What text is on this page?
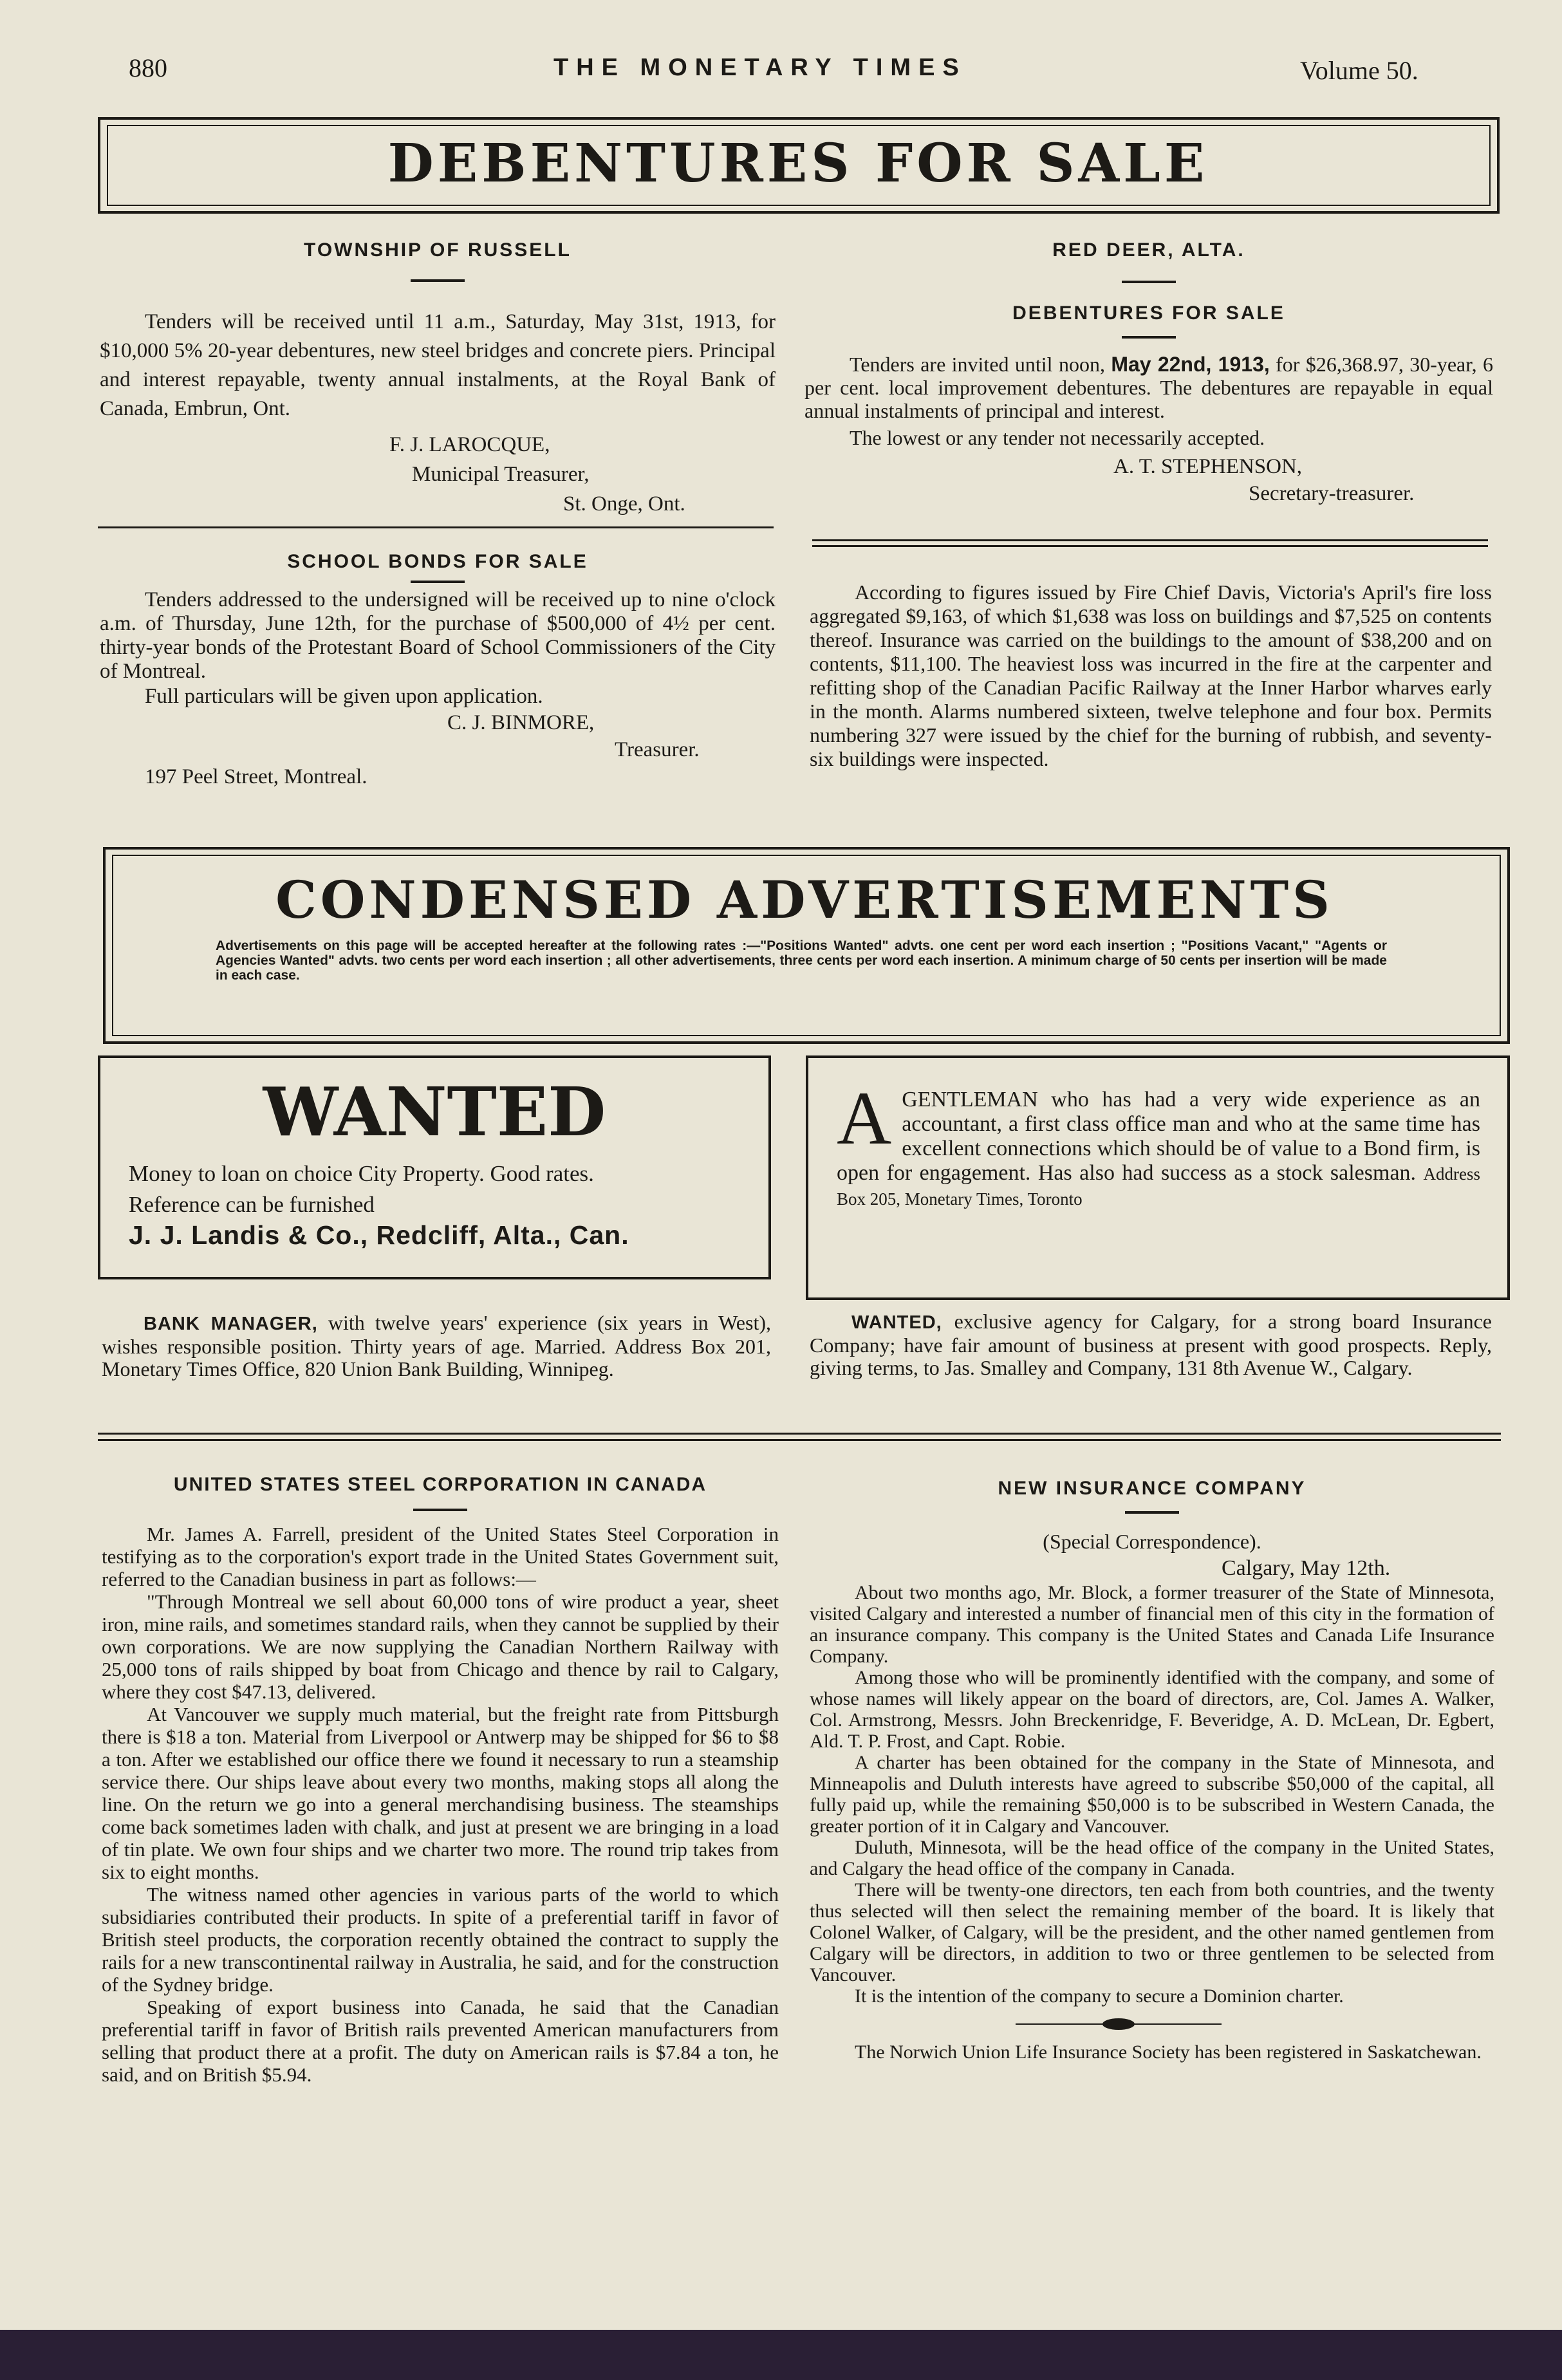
880	THE MONETARY TIMES	Volume 50.
DEBENTURES FOR SALE
TOWNSHIP OF RUSSELL

Tenders will be received until 11 a.m., Saturday, May 31st, 1913, for $10,000 5% 20-year debentures, new steel bridges and concrete piers. Principal and interest repayable, twenty annual instalments, at the Royal Bank of Canada, Embrun, Ont.

F. J. LAROCQUE,
Municipal Treasurer,
St. Onge, Ont.
SCHOOL BONDS FOR SALE

Tenders addressed to the undersigned will be received up to nine o'clock a.m. of Thursday, June 12th, for the purchase of $500,000 of 4½ per cent. thirty-year bonds of the Protestant Board of School Commissioners of the City of Montreal.

Full particulars will be given upon application.

C. J. BINMORE,
Treasurer.
197 Peel Street, Montreal.
RED DEER, ALTA.
DEBENTURES FOR SALE

Tenders are invited until noon, May 22nd, 1913, for $26,368.97, 30-year, 6 per cent. local improvement debentures. The debentures are repayable in equal annual instalments of principal and interest.

The lowest or any tender not necessarily accepted.

A. T. STEPHENSON,
Secretary-treasurer.

According to figures issued by Fire Chief Davis, Victoria's April's fire loss aggregated $9,163, of which $1,638 was loss on buildings and $7,525 on contents thereof. Insurance was carried on the buildings to the amount of $38,200 and on contents, $11,100. The heaviest loss was incurred in the fire at the carpenter and refitting shop of the Canadian Pacific Railway at the Inner Harbor wharves early in the month. Alarms numbered sixteen, twelve telephone and four box. Permits numbering 327 were issued by the chief for the burning of rubbish, and seventy-six buildings were inspected.

CONDENSED ADVERTISEMENTS
Advertisements on this page will be accepted hereafter at the following rates :—"Positions Wanted" advts. one cent per word each insertion ; "Positions Vacant," "Agents or Agencies Wanted" advts. two cents per word each insertion ; all other advertisements, three cents per word each insertion. A minimum charge of 50 cents per insertion will be made in each case.
WANTED
Money to loan on choice City Property. Good rates.
Reference can be furnished
J. J. Landis & Co., Redcliff, Alta., Can.
A GENTLEMAN who has had a very wide experience as an accountant, a first class office man and who at the same time has excellent connections which should be of value to a Bond firm, is open for engagement. Has also had success as a stock salesman. Address Box 205, Monetary Times, Toronto

BANK MANAGER, with twelve years' experience (six years in West), wishes responsible position. Thirty years of age. Married. Address Box 201, Monetary Times Office, 820 Union Bank Building, Winnipeg.

WANTED, exclusive agency for Calgary, for a strong board Insurance Company; have fair amount of business at present with good prospects. Reply, giving terms, to Jas. Smalley and Company, 131 8th Avenue W., Calgary.

UNITED STATES STEEL CORPORATION IN CANADA

Mr. James A. Farrell, president of the United States Steel Corporation in testifying as to the corporation's export trade in the United States Government suit, referred to the Canadian business in part as follows:—

"Through Montreal we sell about 60,000 tons of wire product a year, sheet iron, mine rails, and sometimes standard rails, when they cannot be supplied by their own corporations. We are now supplying the Canadian Northern Railway with 25,000 tons of rails shipped by boat from Chicago and thence by rail to Calgary, where they cost $47.13, delivered.

At Vancouver we supply much material, but the freight rate from Pittsburgh there is $18 a ton. Material from Liverpool or Antwerp may be shipped for $6 to $8 a ton. After we established our office there we found it necessary to run a steamship service there. Our ships leave about every two months, making stops all along the line. On the return we go into a general merchandising business. The steamships come back sometimes laden with chalk, and just at present we are bringing in a load of tin plate. We own four ships and we charter two more. The round trip takes from six to eight months.

The witness named other agencies in various parts of the world to which subsidiaries contributed their products. In spite of a preferential tariff in favor of British steel products, the corporation recently obtained the contract to supply the rails for a new transcontinental railway in Australia, he said, and for the construction of the Sydney bridge.

Speaking of export business into Canada, he said that the Canadian preferential tariff in favor of British rails prevented American manufacturers from selling that product there at a profit. The duty on American rails is $7.84 a ton, he said, and on British $5.94.

NEW INSURANCE COMPANY
(Special Correspondence).
Calgary, May 12th.

About two months ago, Mr. Block, a former treasurer of the State of Minnesota, visited Calgary and interested a number of financial men of this city in the formation of an insurance company. This company is the United States and Canada Life Insurance Company.

Among those who will be prominently identified with the company, and some of whose names will likely appear on the board of directors, are, Col. James A. Walker, Col. Armstrong, Messrs. John Breckenridge, F. Beveridge, A. D. McLean, Dr. Egbert, Ald. T. P. Frost, and Capt. Robie.

A charter has been obtained for the company in the State of Minnesota, and Minneapolis and Duluth interests have agreed to subscribe $50,000 of the capital, all fully paid up, while the remaining $50,000 is to be subscribed in Western Canada, the greater portion of it in Calgary and Vancouver.

Duluth, Minnesota, will be the head office of the company in the United States, and Calgary the head office of the company in Canada.

There will be twenty-one directors, ten each from both countries, and the twenty thus selected will then select the remaining member of the board. It is likely that Colonel Walker, of Calgary, will be the president, and the other named gentlemen from Calgary will be directors, in addition to two or three gentlemen to be selected from Vancouver.

It is the intention of the company to secure a Dominion charter.

The Norwich Union Life Insurance Society has been registered in Saskatchewan.
